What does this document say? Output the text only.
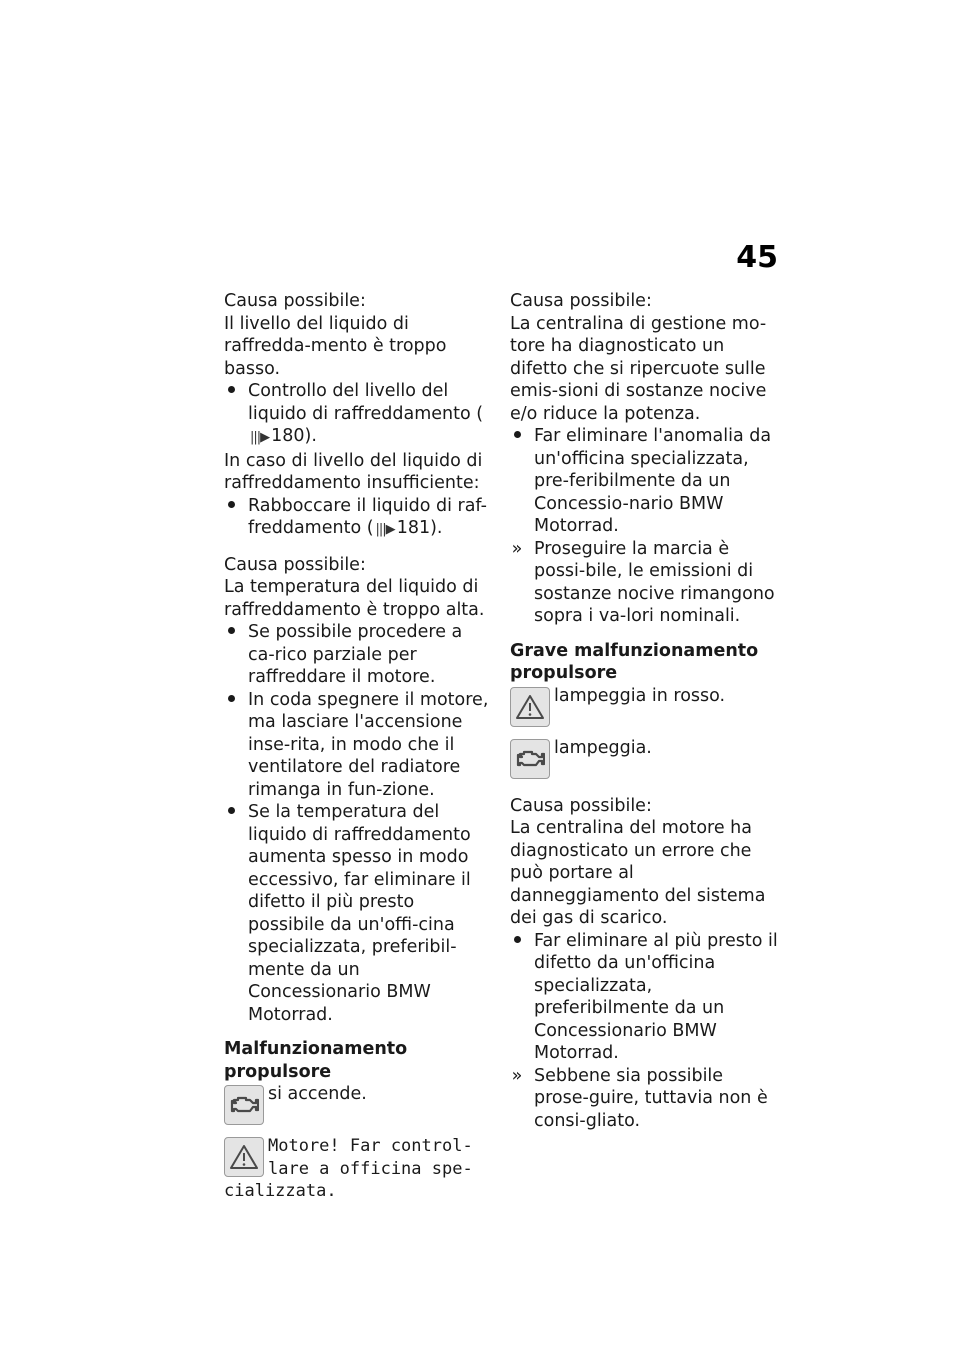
45

Causa possibile:

Il livello del liquido di raffredda-mento è troppo basso.

Controllo del livello del liquido di raffreddamento (|||▶ 180).

In caso di livello del liquido di raffreddamento insufficiente:

Rabboccare il liquido di raf-freddamento ( |||▶ 181).

Causa possibile:

La temperatura del liquido di raffreddamento è troppo alta.

Se possibile procedere a ca-rico parziale per raffreddare il motore.
In coda spegnere il motore, ma lasciare l'accensione inse-rita, in modo che il ventilatore del radiatore rimanga in fun-zione.
Se la temperatura del liquido di raffreddamento aumenta spesso in modo eccessivo, far eliminare il difetto il più presto possibile da un'offi-cina specializzata, preferibil-mente da un Concessionario BMW Motorrad.

Malfunzionamento propulsore

si accende.
Motore! Far control-
lare a officina spe-
cializzata.

Causa possibile:

La centralina di gestione mo-tore ha diagnosticato un difetto che si ripercuote sulle emis-sioni di sostanze nocive e/o riduce la potenza.

Far eliminare l'anomalia da un'officina specializzata, pre-feribilmente da un Concessio-nario BMW Motorrad.
» Proseguire la marcia è possi-bile, le emissioni di sostanze nocive rimangono sopra i va-lori nominali.

Grave malfunzionamento propulsore

lampeggia in rosso.
lampeggia.

Causa possibile:

La centralina del motore ha diagnosticato un errore che può portare al danneggiamento del sistema dei gas di scarico.

Far eliminare al più presto il difetto da un'officina specializzata, preferibilmente da un Concessionario BMW Motorrad.
» Sebbene sia possibile prose-guire, tuttavia non è consi-gliato.
